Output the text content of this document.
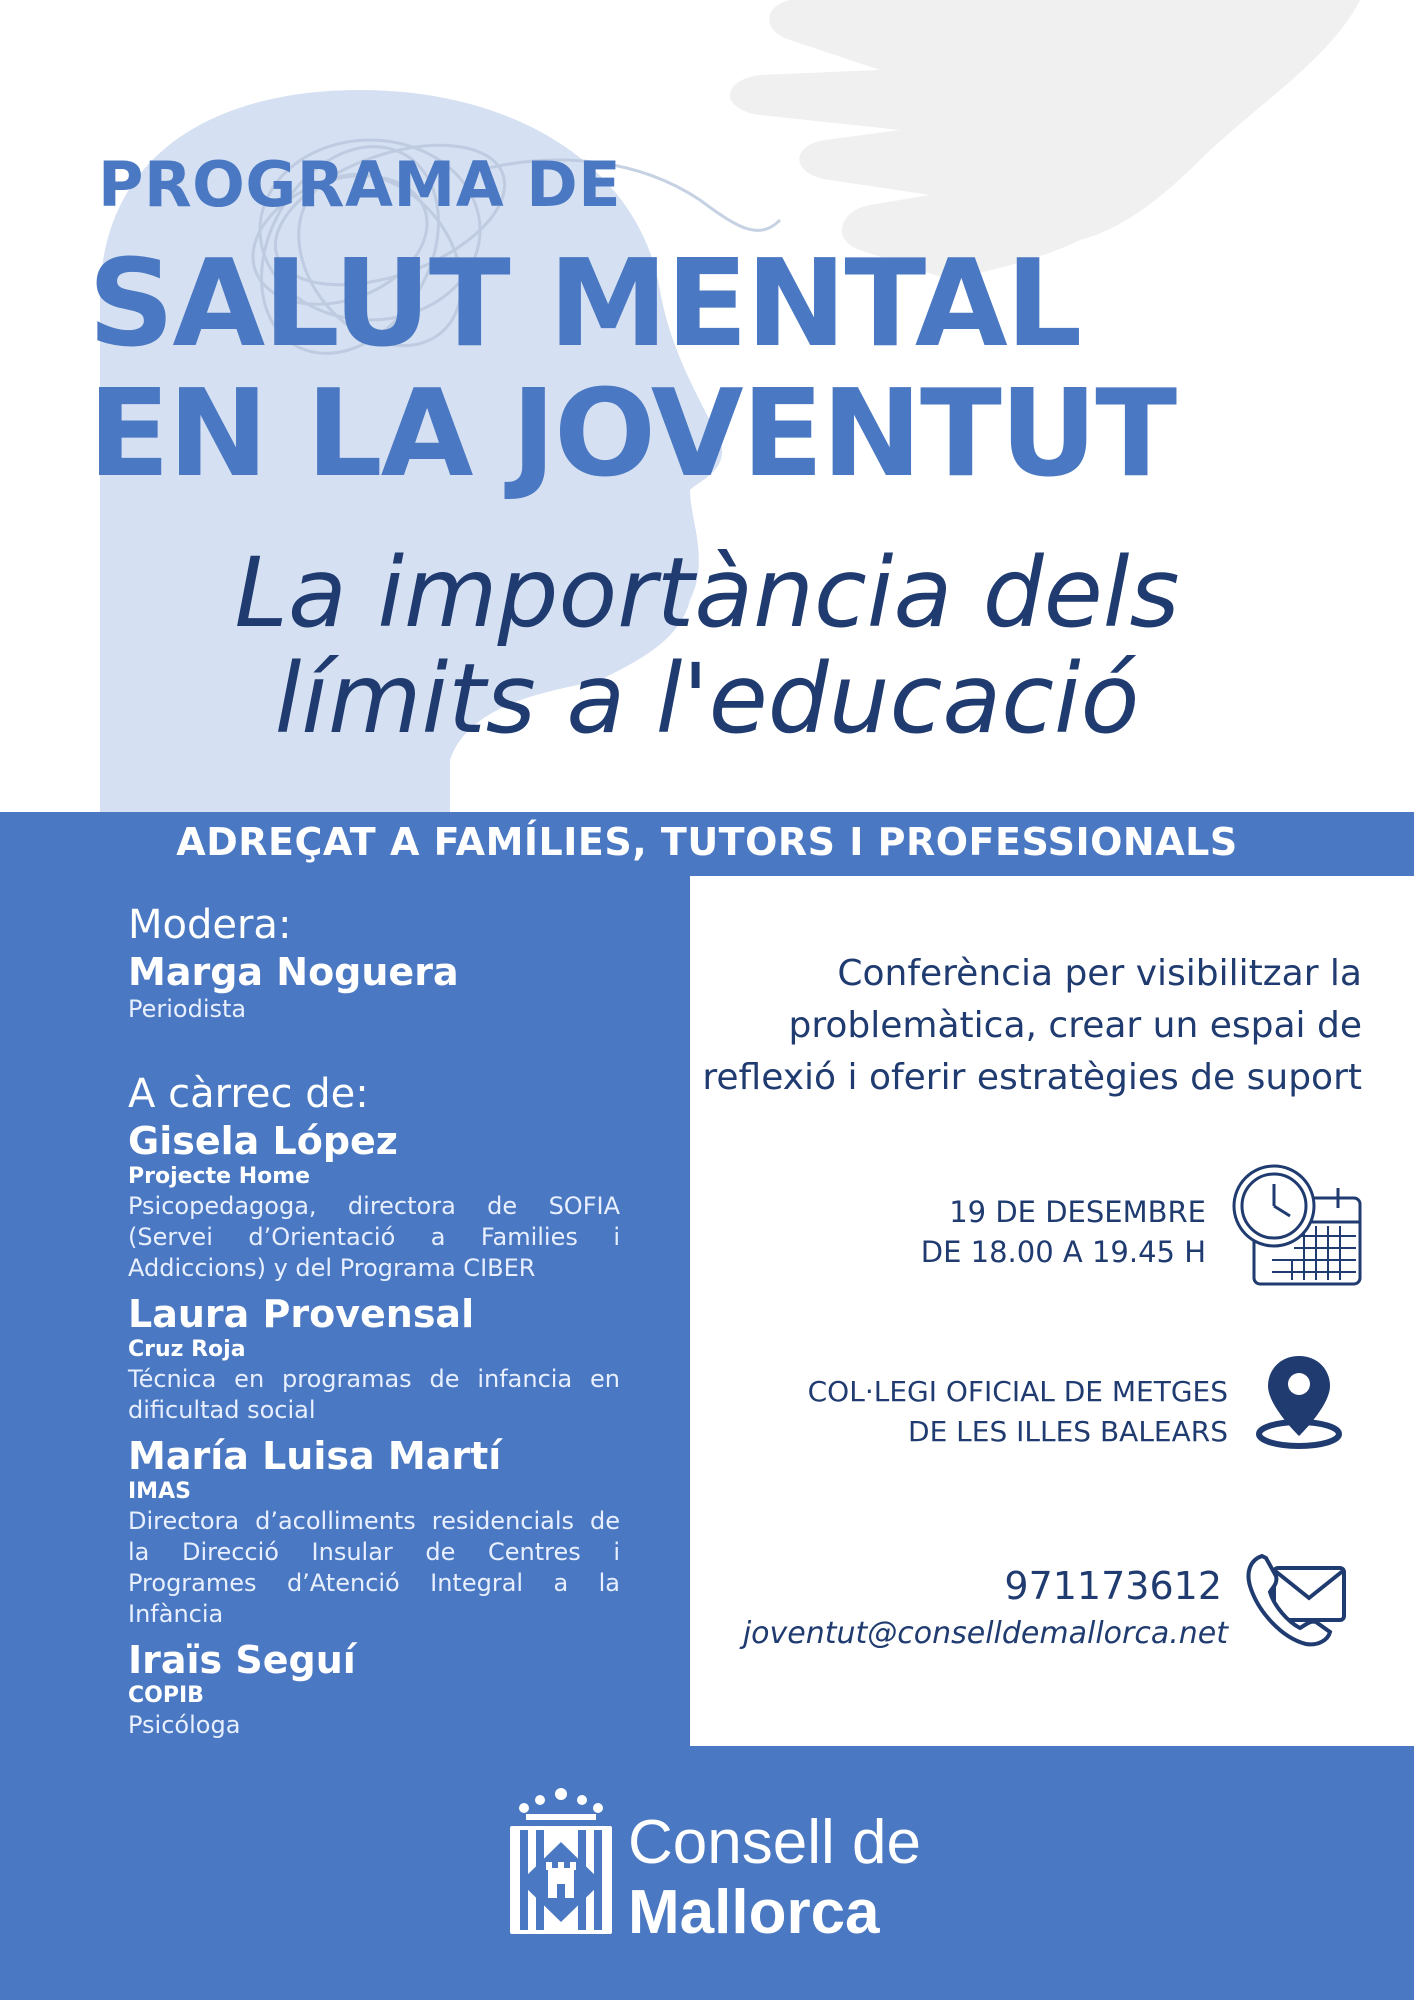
PROGRAMA DE
SALUT MENTAL
EN LA JOVENTUT
La importància dels
límits a l'educació
ADREÇAT A FAMÍLIES, TUTORS I PROFESSIONALS
Modera:
Marga Noguera
Periodista
A càrrec de:
Gisela López
Projecte Home
Psicopedagoga, directora de SOFIA (Servei d’Orientació a Families i Addiccions) y del Programa CIBER
Laura Provensal
Cruz Roja
Técnica en programas de infancia en dificultad social
María Luisa Martí
IMAS
Directora d’acolliments residencials de la Direcció Insular de Centres i Programes d’Atenció Integral a la Infància
Iraïs Seguí
COPIB
Psicóloga
Conferència per visibilitzar la problemàtica, crear un espai de reflexió i oferir estratègies de suport
19 DE DESEMBRE
DE 18.00 A 19.45 H
COL·LEGI OFICIAL DE METGES
DE LES ILLES BALEARS
971173612
joventut@conselldemallorca.net
Consell de
Mallorca
